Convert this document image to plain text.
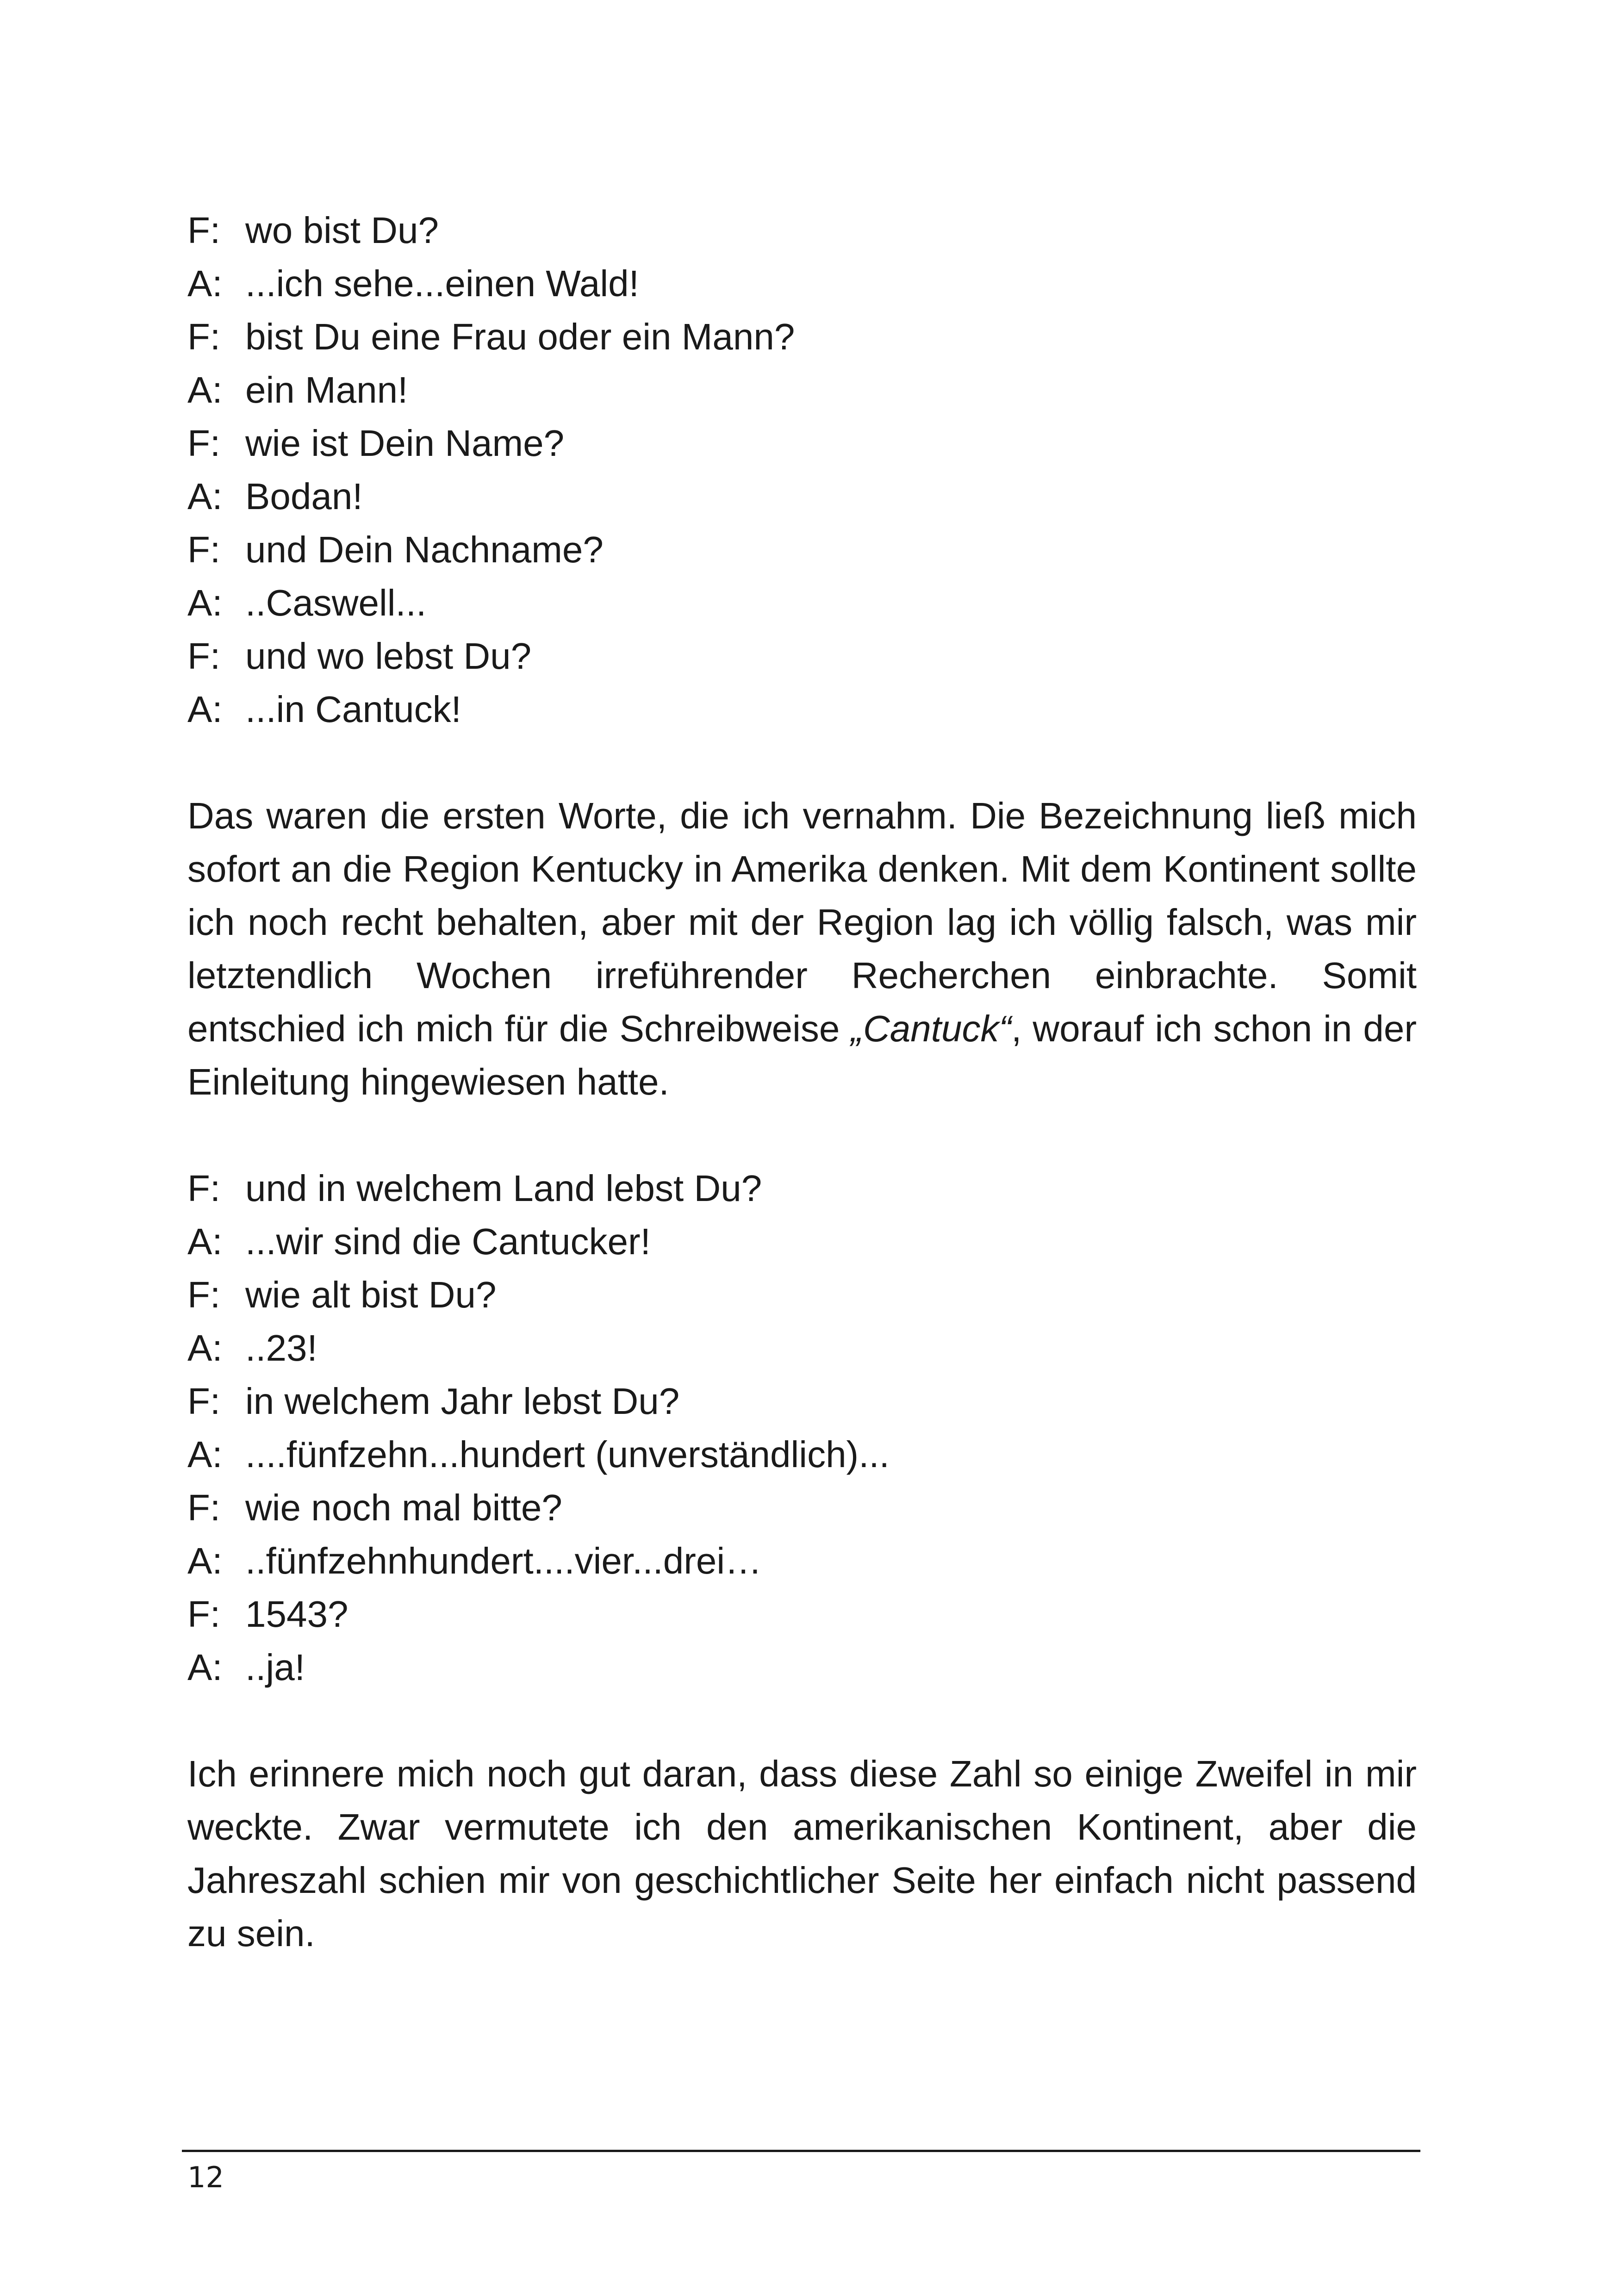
F: wo bist Du?
A: ...ich sehe...einen Wald!
F: bist Du eine Frau oder ein Mann?
A: ein Mann!
F: wie ist Dein Name?
A: Bodan!
F: und Dein Nachname?
A: ..Caswell...
F: und wo lebst Du?
A: ...in Cantuck!

Das waren die ersten Worte, die ich vernahm. Die Bezeichnung ließ mich sofort an die Region Kentucky in Amerika denken. Mit dem Kontinent sollte ich noch recht behalten, aber mit der Region lag ich völlig falsch, was mir letztendlich Wochen irreführender Recherchen einbrachte. Somit entschied ich mich für die Schreibweise „Cantuck“, worauf ich schon in der Einleitung hingewiesen hatte.

F: und in welchem Land lebst Du?
A: ...wir sind die Cantucker!
F: wie alt bist Du?
A: ..23!
F: in welchem Jahr lebst Du?
A: ....fünfzehn...hundert (unverständlich)...
F: wie noch mal bitte?
A: ..fünfzehnhundert....vier...drei…
F: 1543?
A: ..ja!

Ich erinnere mich noch gut daran, dass diese Zahl so einige Zweifel in mir weckte. Zwar vermutete ich den amerikanischen Kontinent, aber die Jahreszahl schien mir von geschichtlicher Seite her einfach nicht passend zu sein.

12
